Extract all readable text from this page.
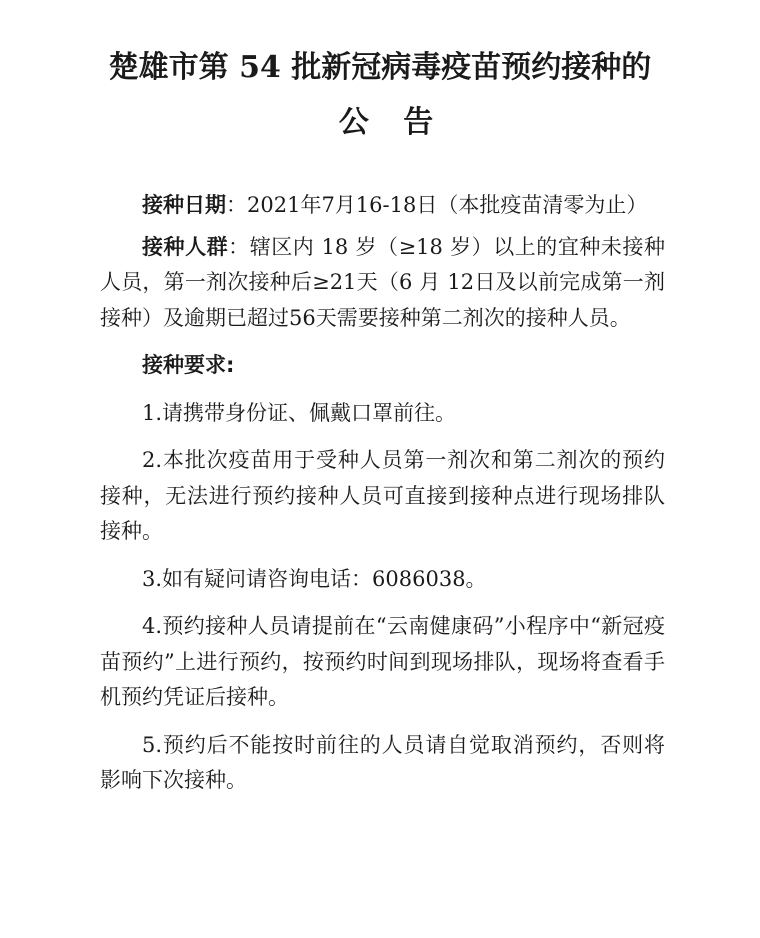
楚雄市第 54 批新冠病毒疫苗预约接种的
公 告

接种日期：2021年7月16-18日（本批疫苗清零为止）

接种人群：辖区内 18 岁（≥18 岁）以上的宜种未接种人员，第一剂次接种后≥21天（6 月 12日及以前完成第一剂接种）及逾期已超过56天需要接种第二剂次的接种人员。

接种要求:

1.请携带身份证、佩戴口罩前往。

2.本批次疫苗用于受种人员第一剂次和第二剂次的预约接种，无法进行预约接种人员可直接到接种点进行现场排队接种。

3.如有疑问请咨询电话：6086038。

4.预约接种人员请提前在“云南健康码”小程序中“新冠疫苗预约”上进行预约，按预约时间到现场排队，现场将查看手机预约凭证后接种。

5.预约后不能按时前往的人员请自觉取消预约，否则将影响下次接种。
